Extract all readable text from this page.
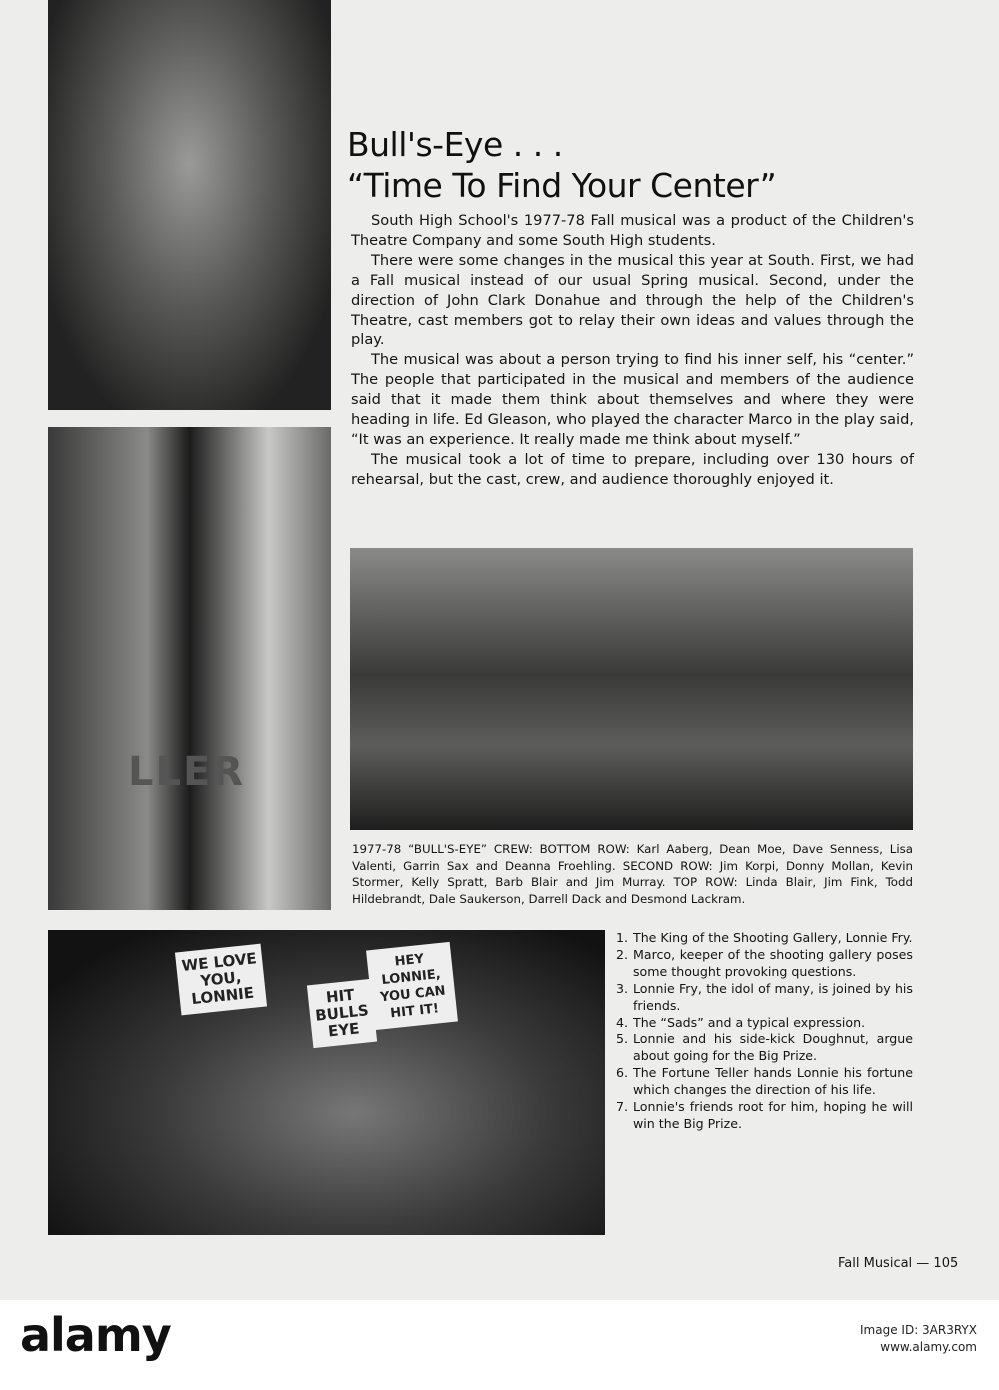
LLER
WE LOVE YOU, LONNIE	HIT BULLS EYE
HEY LONNIE, YOU CAN HIT IT!
Bull's-Eye . . .
“Time To Find Your Center”

South High School's 1977-78 Fall musical was a product of the Children's Theatre Company and some South High students.

There were some changes in the musical this year at South. First, we had a Fall musical instead of our usual Spring musical. Second, under the direction of John Clark Donahue and through the help of the Children's Theatre, cast members got to relay their own ideas and values through the play.

The musical was about a person trying to find his inner self, his “center.” The people that participated in the musical and members of the audience said that it made them think about themselves and where they were heading in life. Ed Gleason, who played the character Marco in the play said, “It was an experience. It really made me think about myself.”

The musical took a lot of time to prepare, including over 130 hours of rehearsal, but the cast, crew, and audience thoroughly enjoyed it.

1977-78 “BULL'S-EYE” CREW: BOTTOM ROW: Karl Aaberg, Dean Moe, Dave Senness, Lisa Valenti, Garrin Sax and Deanna Froehling. SECOND ROW: Jim Korpi, Donny Mollan, Kevin Stormer, Kelly Spratt, Barb Blair and Jim Murray. TOP ROW: Linda Blair, Jim Fink, Todd Hildebrandt, Dale Saukerson, Darrell Dack and Desmond Lackram.
1. The King of the Shooting Gallery, Lonnie Fry.
2. Marco, keeper of the shooting gallery poses some thought provoking questions.
3. Lonnie Fry, the idol of many, is joined by his friends.
4. The “Sads” and a typical expression.
5. Lonnie and his side-kick Doughnut, argue about going for the Big Prize.
6. The Fortune Teller hands Lonnie his fortune which changes the direction of his life.
7. Lonnie's friends root for him, hoping he will win the Big Prize.
Fall Musical — 105
alamy	Image ID: 3AR3RYX
www.alamy.com
